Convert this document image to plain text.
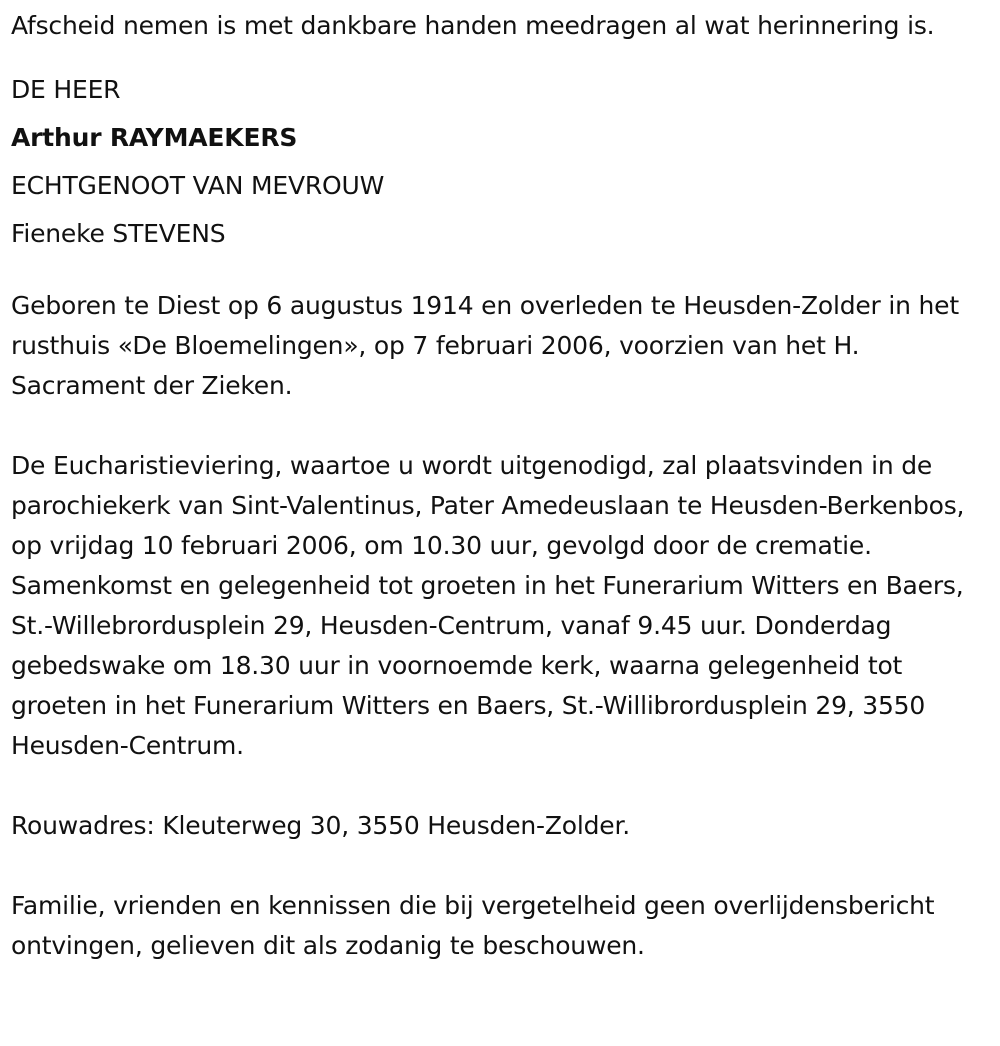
Afscheid nemen is met dankbare handen meedragen al wat herinnering is.

DE HEER

Arthur RAYMAEKERS

ECHTGENOOT VAN MEVROUW

Fieneke STEVENS

Geboren te Diest op 6 augustus 1914 en overleden te Heusden-Zolder in het rusthuis «De Bloemelingen», op 7 februari 2006, voorzien van het H. Sacrament der Zieken.

De Eucharistieviering, waartoe u wordt uitgenodigd, zal plaatsvinden in de parochiekerk van Sint-Valentinus, Pater Amedeuslaan te Heusden-Berkenbos, op vrijdag 10 februari 2006, om 10.30 uur, gevolgd door de crematie. Samenkomst en gelegenheid tot groeten in het Funerarium Witters en Baers, St.-Willebrordusplein 29, Heusden-Centrum, vanaf 9.45 uur. Donderdag gebedswake om 18.30 uur in voornoemde kerk, waarna gelegenheid tot groeten in het Funerarium Witters en Baers, St.-Willibrordusplein 29, 3550 Heusden-Centrum.

Rouwadres: Kleuterweg 30, 3550 Heusden-Zolder.

Familie, vrienden en kennissen die bij vergetelheid geen overlijdensbericht ontvingen, gelieven dit als zodanig te beschouwen.
